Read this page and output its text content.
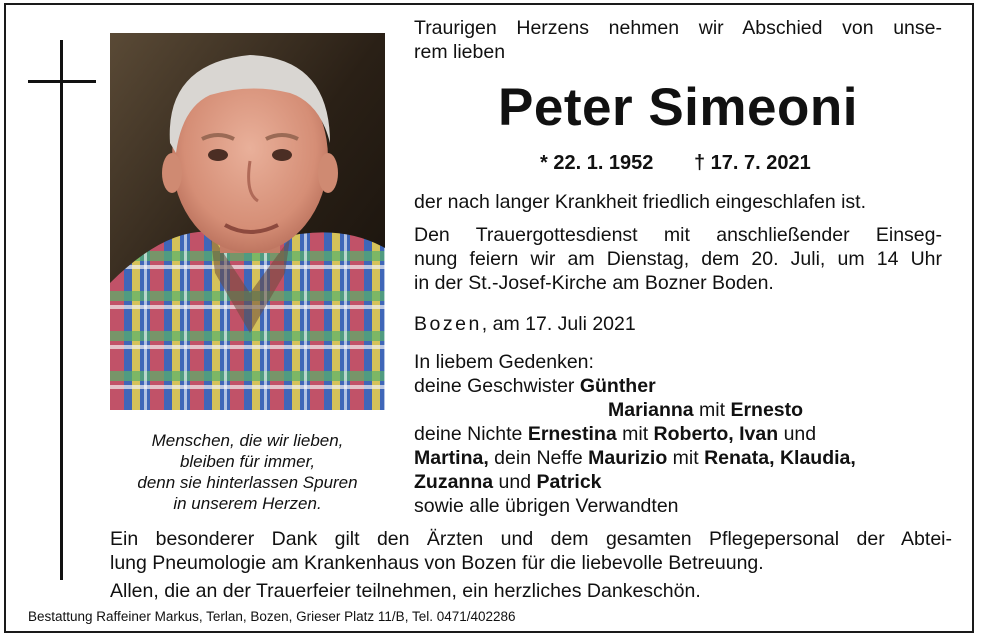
Menschen, die wir lieben,
bleiben für immer,
denn sie hinterlassen Spuren
in unserem Herzen.
Traurigen Herzens nehmen wir Abschied von unse-
rem lieben
Peter Simeoni
* 22. 1. 1952 † 17. 7. 2021
der nach langer Krankheit friedlich eingeschlafen ist.
Den Trauergottesdienst mit anschließender Einseg-
nung feiern wir am Dienstag, dem 20. Juli, um 14 Uhr
in der St.-Josef-Kirche am Bozner Boden.
Bozen, am 17. Juli 2021
In liebem Gedenken:
deine Geschwister Günther
Marianna mit Ernesto
deine Nichte Ernestina mit Roberto, Ivan und
Martina, dein Neffe Maurizio mit Renata, Klaudia,
Zuzanna und Patrick
sowie alle übrigen Verwandten
Ein besonderer Dank gilt den Ärzten und dem gesamten Pflegepersonal der Abtei-
lung Pneumologie am Krankenhaus von Bozen für die liebevolle Betreuung.
Allen, die an der Trauerfeier teilnehmen, ein herzliches Dankeschön.
Bestattung Raffeiner Markus, Terlan, Bozen, Grieser Platz 11/B, Tel. 0471/402286
